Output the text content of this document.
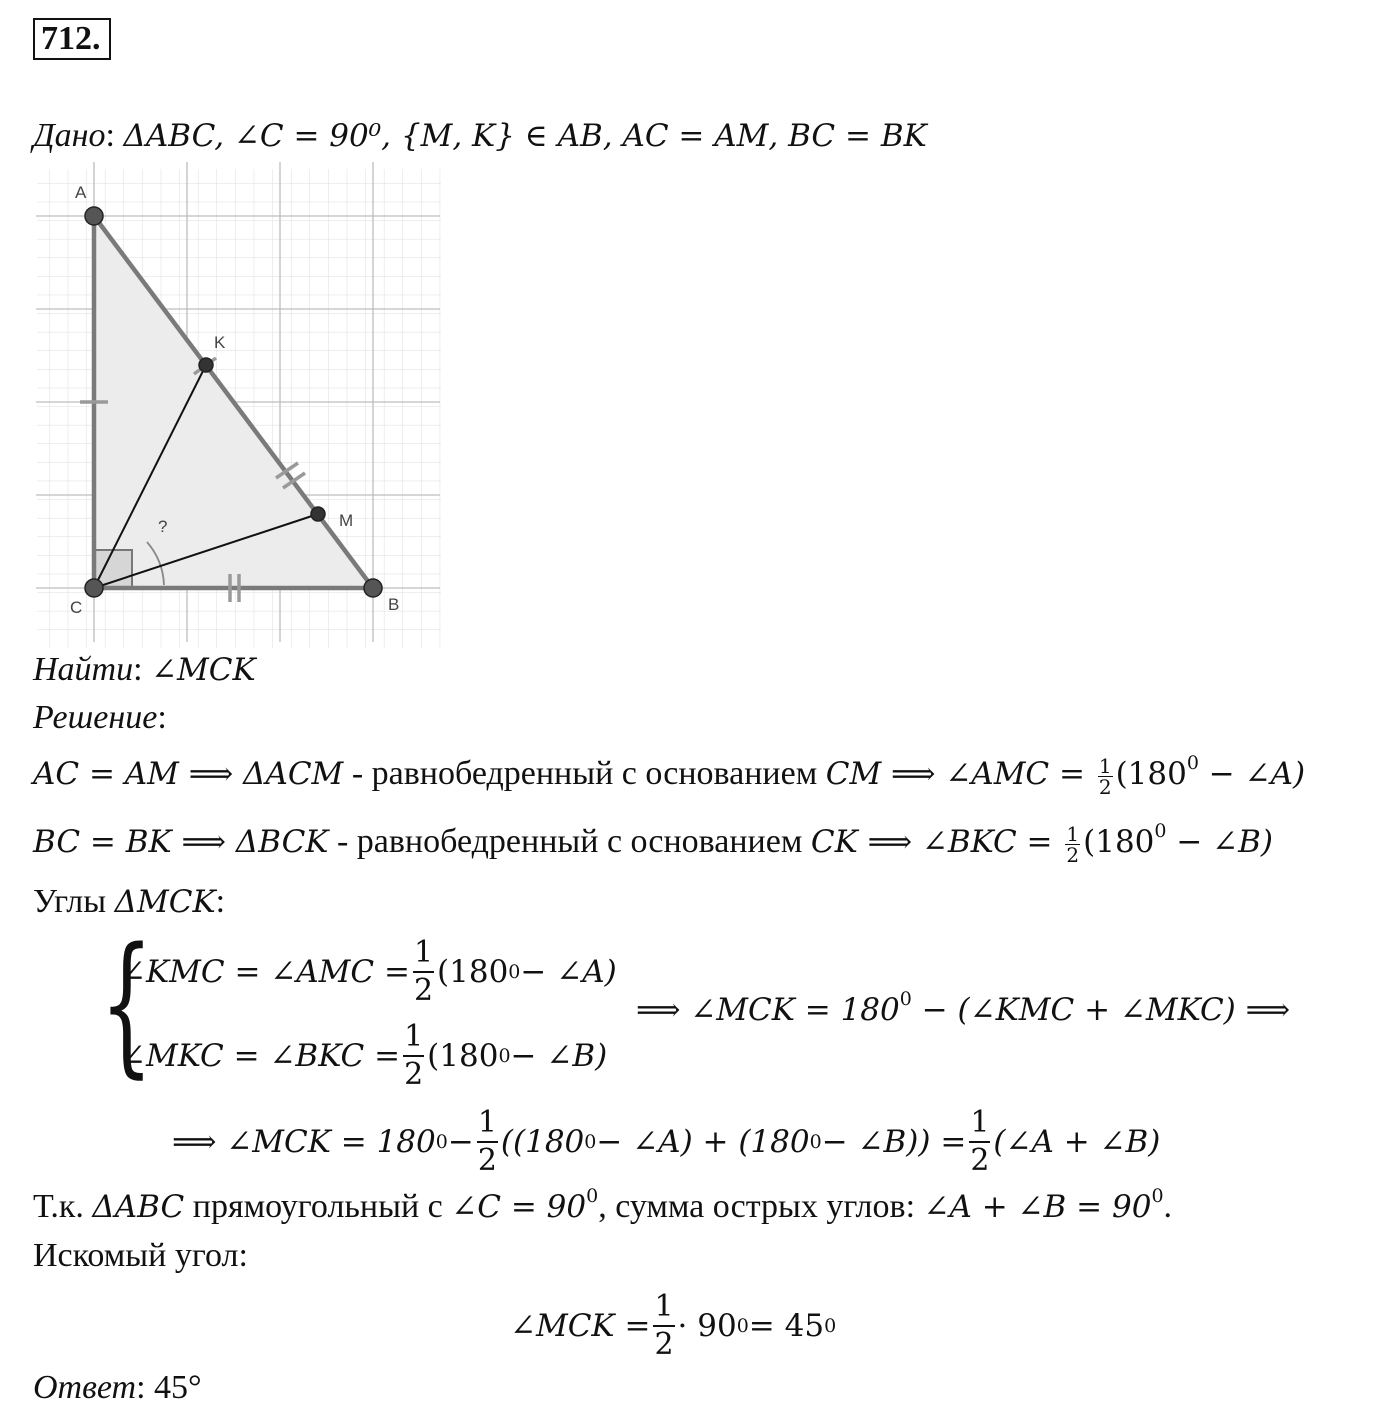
712.
Дано: ΔABC, ∠C = 90⁰, {M, K} ∈ AB, AC = AM, BC = BK
A
B
C
K
M
?
Найти: ∠MCK
Решение:
AC = AM ⟹ ΔACM - равнобедренный с основанием CM ⟹ ∠AMC = $\frac{1}{2} (180^0$ − ∠A)
BC = BK ⟹ ΔBCK - равнобедренный с основанием CK ⟹ ∠BKC = $\frac{1}{2} (180^0$ − ∠B)
Углы ΔMCK:
{
∠KMC = ∠AMC = $\frac{1}{2} (180$ 0 − ∠A)
∠MKC = ∠BKC = $\frac{1}{2} (180$ 0 − ∠B)
⟹ ∠MCK = $180^0$ − (∠KMC + ∠MKC) ⟹
⟹ ∠MCK = 180 $0 - \frac{1}{2} ((180$ 0 − ∠A) + (180 0 − ∠B)) = $\frac{1}{2}$ (∠A + ∠B)
Т.к. ΔABC прямоугольный с ∠C = $90^0$, сумма острых углов: ∠A + ∠B = $90^0$.
Искомый угол:
∠MCK = $\frac{1}{2} \cdot 90$ 0 = 45 0
Ответ: 45°
